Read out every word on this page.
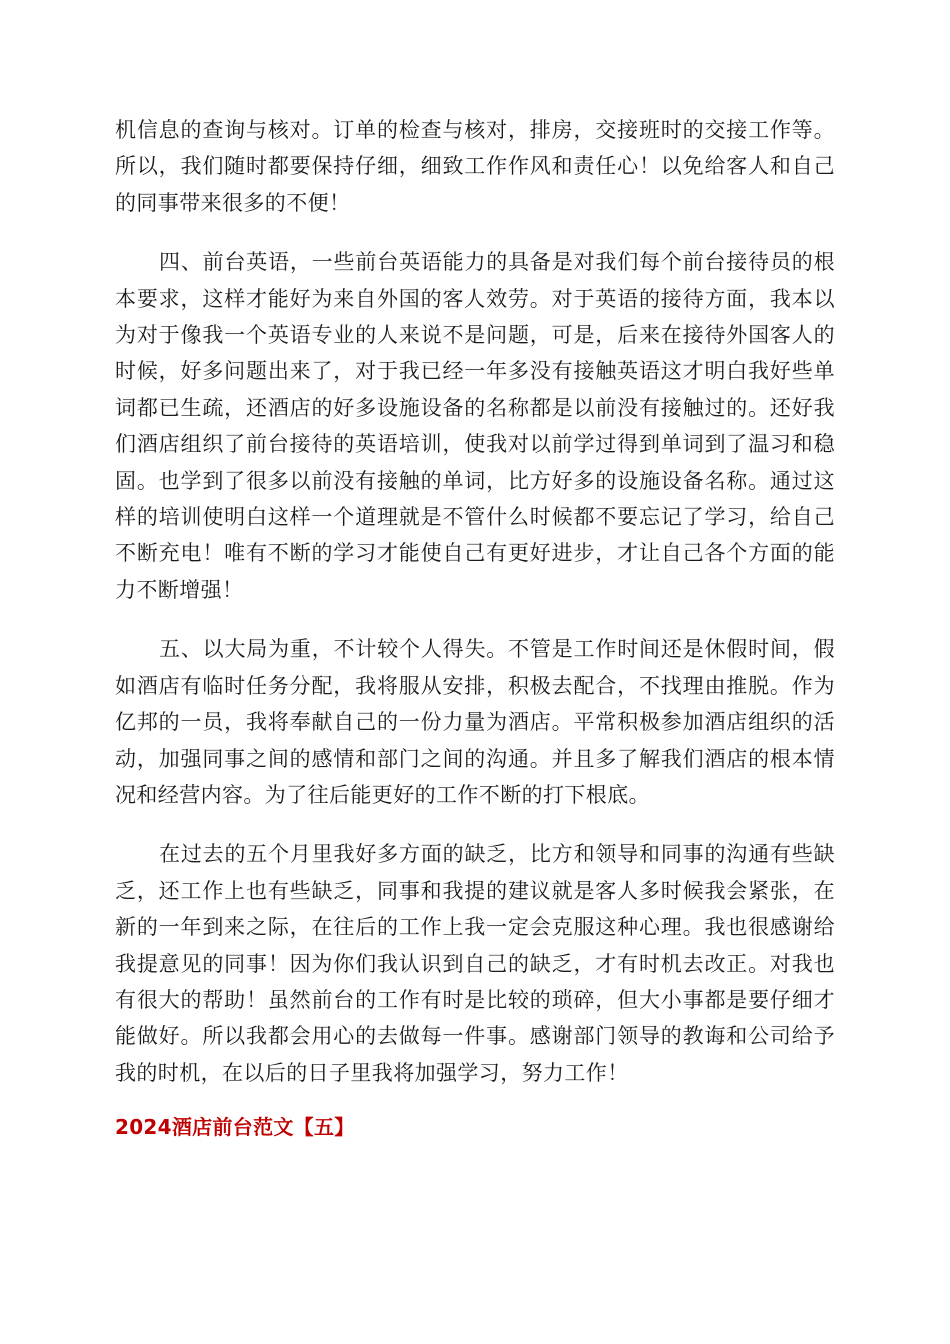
机信息的查询与核对。订单的检查与核对，排房，交接班时的交接工作等。所以，我们随时都要保持仔细，细致工作作风和责任心！以免给客人和自己的同事带来很多的不便！

四、前台英语，一些前台英语能力的具备是对我们每个前台接待员的根本要求，这样才能好为来自外国的客人效劳。对于英语的接待方面，我本以为对于像我一个英语专业的人来说不是问题，可是，后来在接待外国客人的时候，好多问题出来了，对于我已经一年多没有接触英语这才明白我好些单词都已生疏，还酒店的好多设施设备的名称都是以前没有接触过的。还好我们酒店组织了前台接待的英语培训，使我对以前学过得到单词到了温习和稳固。也学到了很多以前没有接触的单词，比方好多的设施设备名称。通过这样的培训使明白这样一个道理就是不管什么时候都不要忘记了学习，给自己不断充电！唯有不断的学习才能使自己有更好进步，才让自己各个方面的能力不断增强！

五、以大局为重，不计较个人得失。不管是工作时间还是休假时间，假如酒店有临时任务分配，我将服从安排，积极去配合，不找理由推脱。作为亿邦的一员，我将奉献自己的一份力量为酒店。平常积极参加酒店组织的活动，加强同事之间的感情和部门之间的沟通。并且多了解我们酒店的根本情况和经营内容。为了往后能更好的工作不断的打下根底。

在过去的五个月里我好多方面的缺乏，比方和领导和同事的沟通有些缺乏，还工作上也有些缺乏，同事和我提的建议就是客人多时候我会紧张，在新的一年到来之际，在往后的工作上我一定会克服这种心理。我也很感谢给我提意见的同事！因为你们我认识到自己的缺乏，才有时机去改正。对我也有很大的帮助！虽然前台的工作有时是比较的琐碎，但大小事都是要仔细才能做好。所以我都会用心的去做每一件事。感谢部门领导的教诲和公司给予我的时机，在以后的日子里我将加强学习，努力工作！

2024酒店前台范文【五】
